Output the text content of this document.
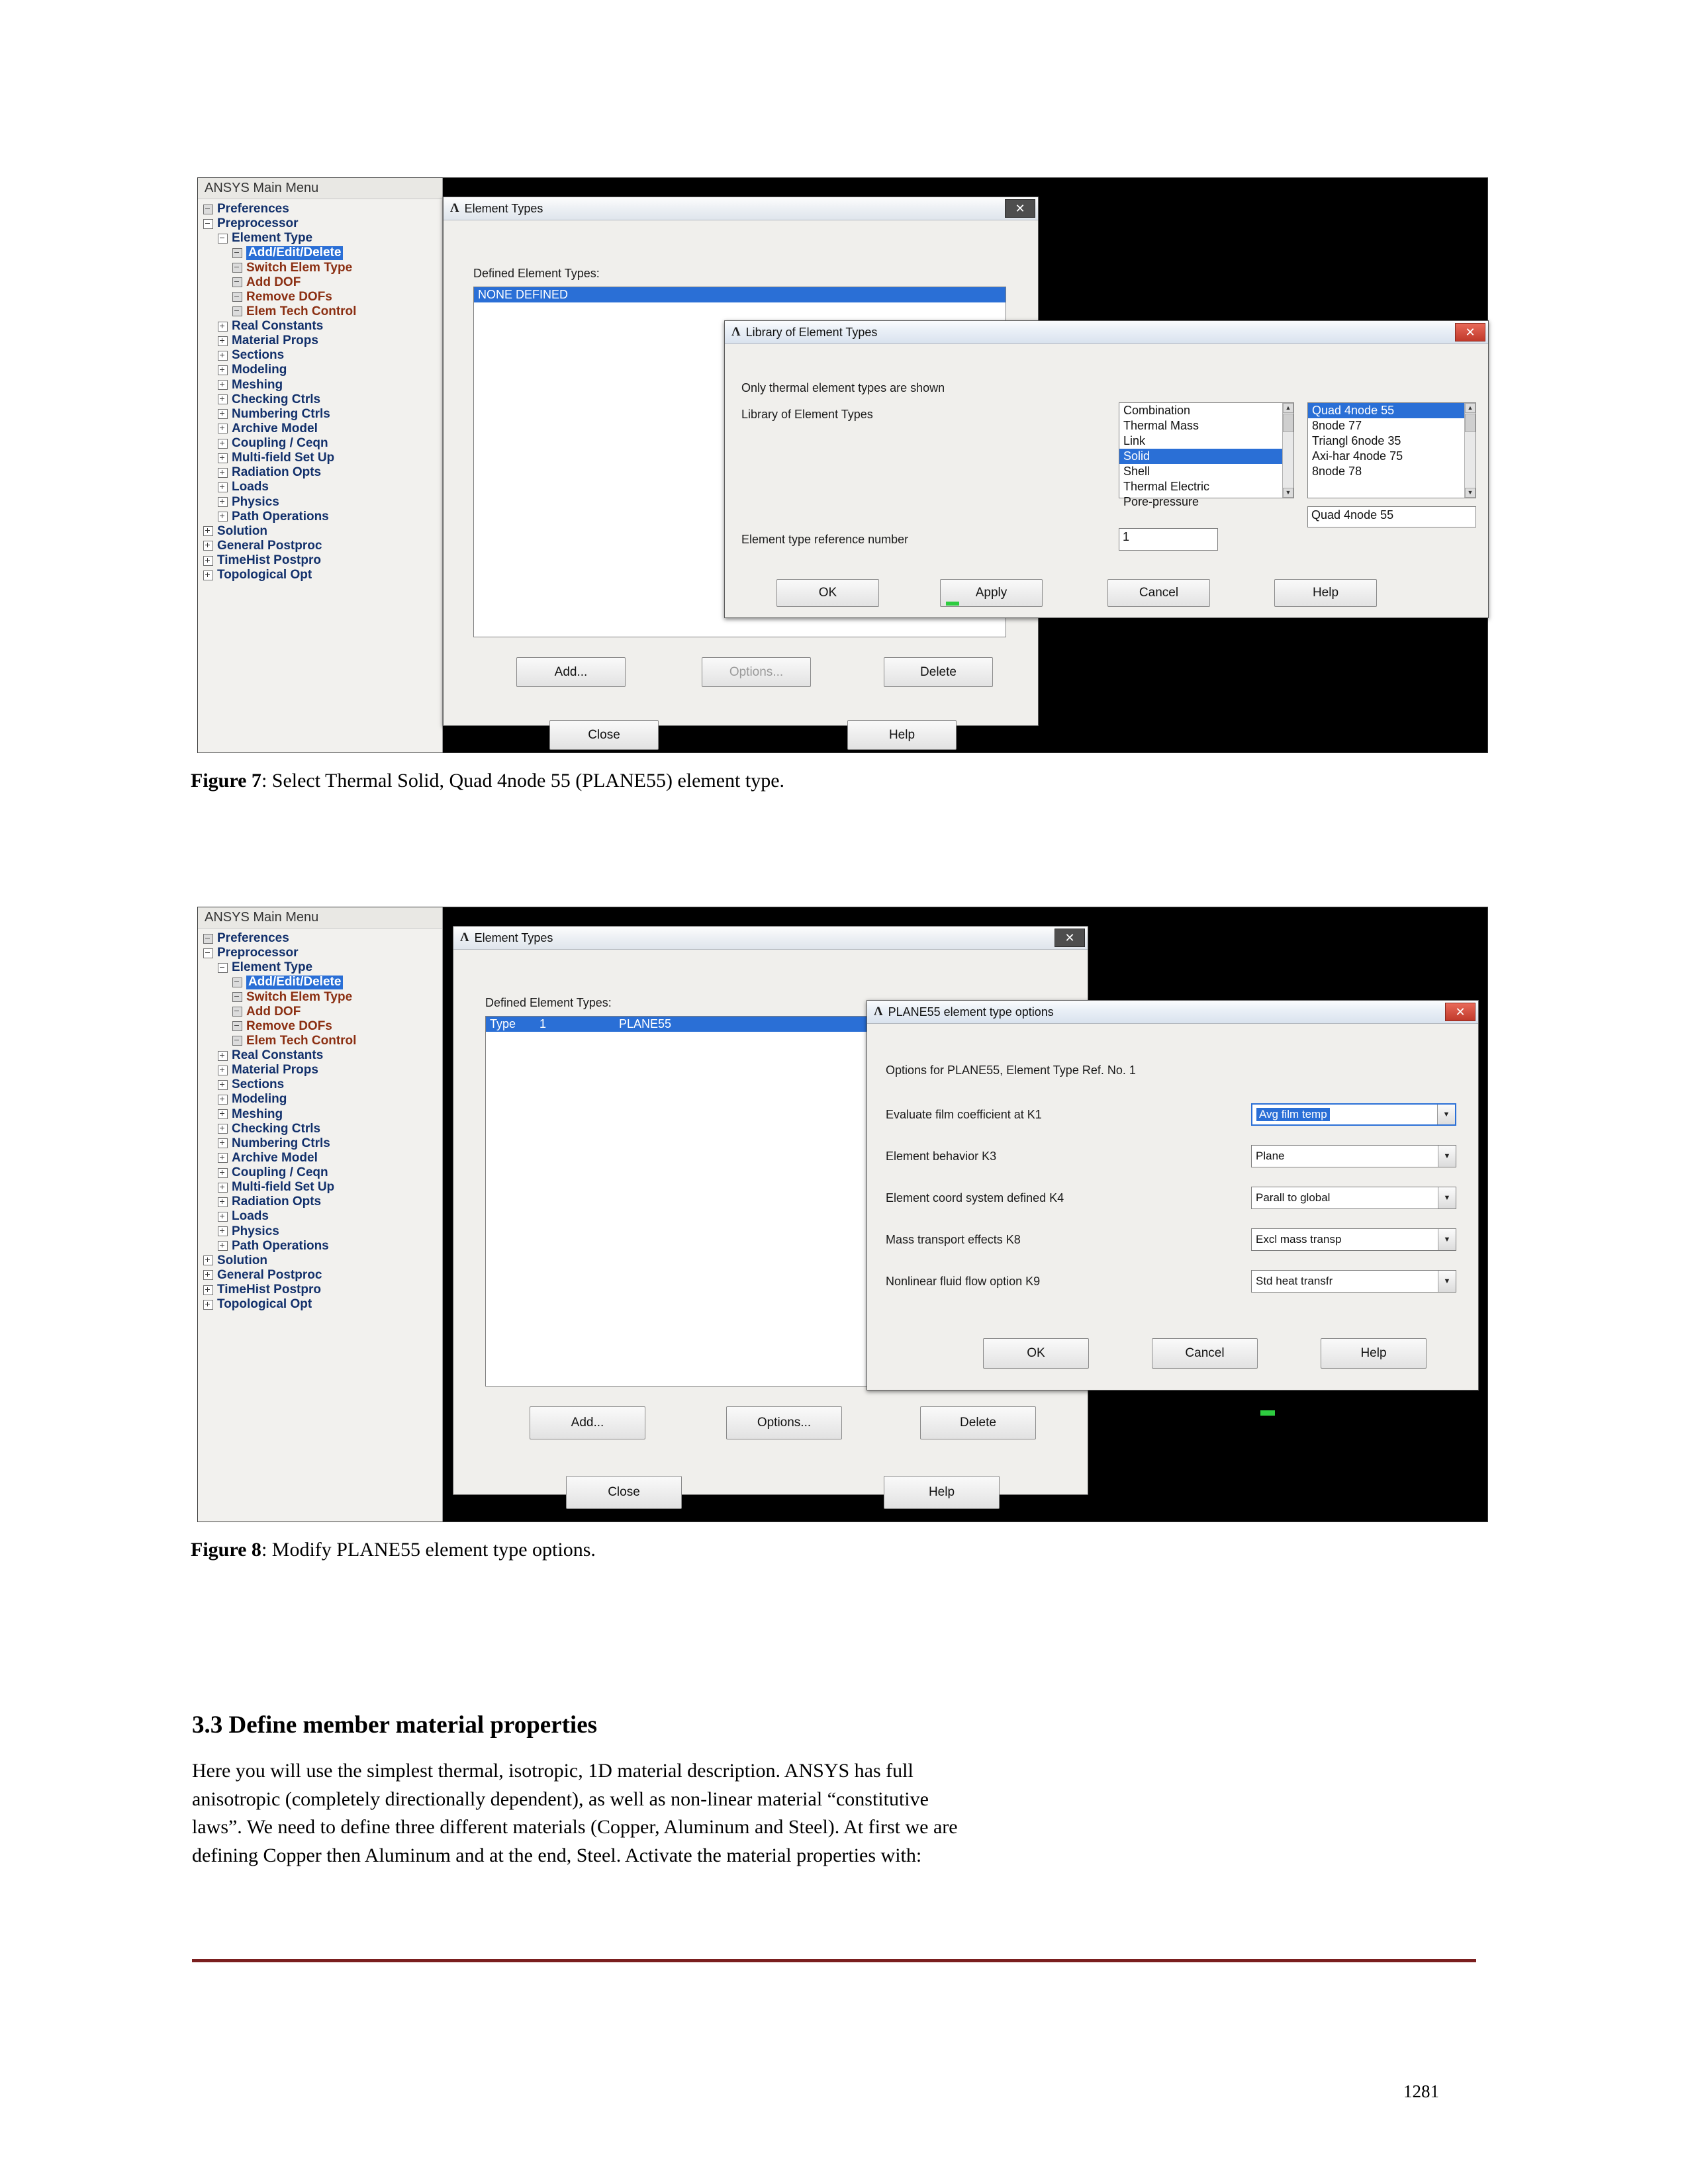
ANSYS Main Menu
Preferences
Preprocessor
Element Type
Add/Edit/Delete
Switch Elem Type
Add DOF
Remove DOFs
Elem Tech Control
Real Constants
Material Props
Sections
Modeling
Meshing
Checking Ctrls
Numbering Ctrls
Archive Model
Coupling / Ceqn
Multi-field Set Up
Radiation Opts
Loads
Physics
Path Operations
Solution
General Postproc
TimeHist Postpro
Topological Opt
Λ Element Types	✕
Defined Element Types:
NONE DEFINED
Add...	Options...	Delete
Close	Help
Λ Library of Element Types	✕
Only thermal element types are shown
Library of Element Types	Combination
Thermal Mass
Link
Solid
Shell
Thermal Electric
Pore-pressure
▲
▼
Quad 4node 55
8node 77
Triangl 6node 35
Axi-har 4node 75
8node 78
▲
▼
Quad 4node 55
Element type reference number	1
OK	Apply	Cancel	Help
Figure 7: Select Thermal Solid, Quad 4node 55 (PLANE55) element type.
ANSYS Main Menu
Preferences
Preprocessor
Element Type
Add/Edit/Delete
Switch Elem Type
Add DOF
Remove DOFs
Elem Tech Control
Real Constants
Material Props
Sections
Modeling
Meshing
Checking Ctrls
Numbering Ctrls
Archive Model
Coupling / Ceqn
Multi-field Set Up
Radiation Opts
Loads
Physics
Path Operations
Solution
General Postproc
TimeHist Postpro
Topological Opt
Λ Element Types	✕
Defined Element Types:
Type 1	PLANE55
Add...	Options...	Delete
Close	Help
Λ PLANE55 element type options	✕
Options for PLANE55, Element Type Ref. No. 1
Evaluate film coefficient at K1	Avg film temp	▼
Element behavior K3	Plane	▼
Element coord system defined K4	Parall to global	▼
Mass transport effects K8	Excl mass transp	▼
Nonlinear fluid flow option K9	Std heat transfr	▼
OK	Cancel	Help
Figure 8: Modify PLANE55 element type options.
3.3 Define member material properties
Here you will use the simplest thermal, isotropic, 1D material description. ANSYS has full
anisotropic (completely directionally dependent), as well as non-linear material “constitutive
laws”. We need to define three different materials (Copper, Aluminum and Steel). At first we are
defining Copper then Aluminum and at the end, Steel. Activate the material properties with:
1281
